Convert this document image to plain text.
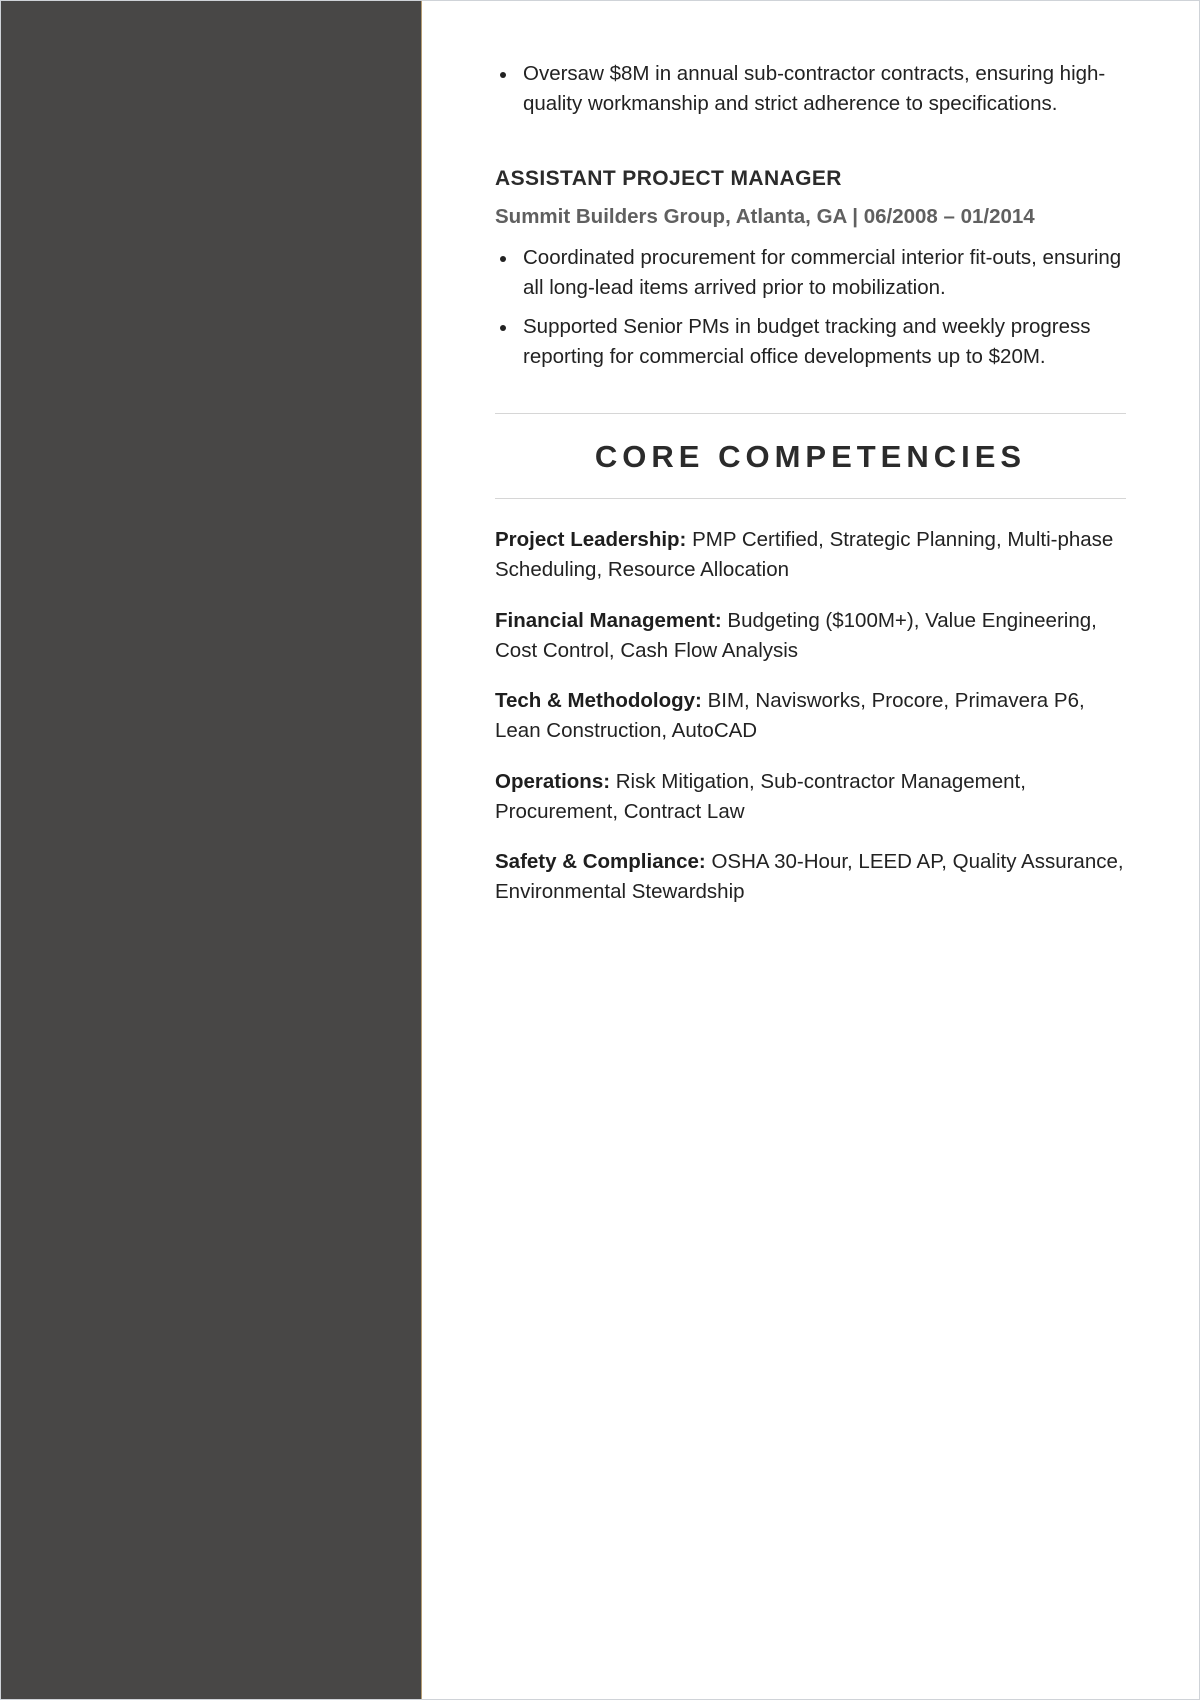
Oversaw $8M in annual sub-contractor contracts, ensuring high-quality workmanship and strict adherence to specifications.
ASSISTANT PROJECT MANAGER

Summit Builders Group, Atlanta, GA | 06/2008 – 01/2014

Coordinated procurement for commercial interior fit-outs, ensuring all long-lead items arrived prior to mobilization.
Supported Senior PMs in budget tracking and weekly progress reporting for commercial office developments up to $20M.
CORE COMPETENCIES

Project Leadership: PMP Certified, Strategic Planning, Multi-phase Scheduling, Resource Allocation

Financial Management: Budgeting ($100M+), Value Engineering, Cost Control, Cash Flow Analysis

Tech & Methodology: BIM, Navisworks, Procore, Primavera P6, Lean Construction, AutoCAD

Operations: Risk Mitigation, Sub-contractor Management, Procurement, Contract Law

Safety & Compliance: OSHA 30-Hour, LEED AP, Quality Assurance, Environmental Stewardship
